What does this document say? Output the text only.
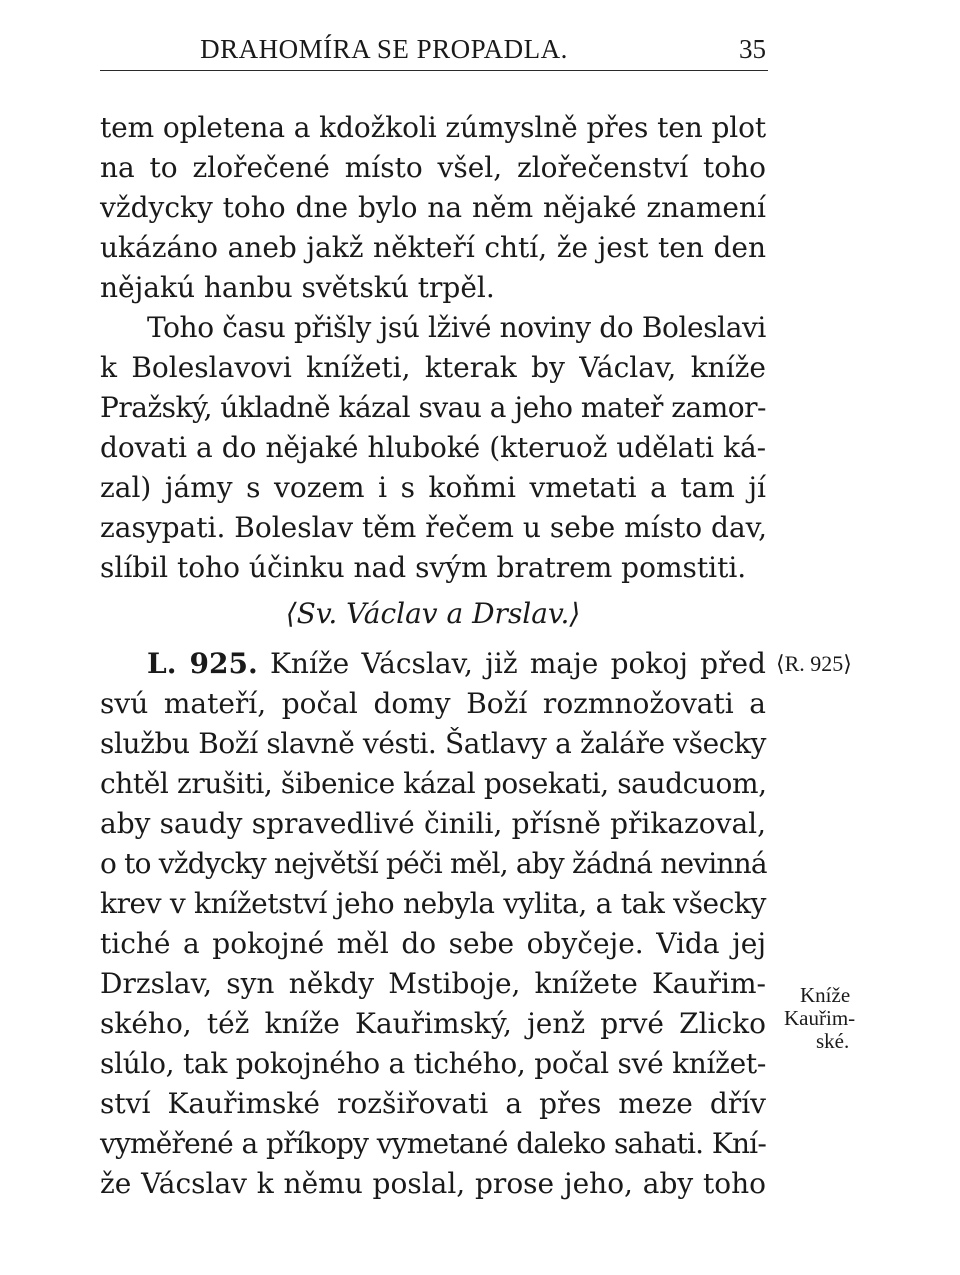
DRAHOMÍRA SE PROPADLA.	35
tem opletena a kdožkoli zúmyslně přes ten plot
na to zlořečené místo všel, zlořečenství toho
vždycky toho dne bylo na něm nějaké znamení
ukázáno aneb jakž někteří chtí, že jest ten den
nějakú hanbu světskú trpěl.
Toho času přišly jsú lživé noviny do Boleslavi
k Boleslavovi knížeti, kterak by Václav, kníže
Pražský, úkladně kázal svau a jeho mateř zamor-
dovati a do nějaké hluboké (kteruož udělati ká-
zal) jámy s vozem i s koňmi vmetati a tam jí
zasypati. Boleslav těm řečem u sebe místo dav,
slíbil toho účinku nad svým bratrem pomstiti.
⟨Sv. Václav a Drslav.⟩
L. 925. Kníže Vácslav, již maje pokoj před
svú mateří, počal domy Boží rozmnožovati a
službu Boží slavně vésti. Šatlavy a žaláře všecky
chtěl zrušiti, šibenice kázal posekati, saudcuom,
aby saudy spravedlivé činili, přísně přikazoval,
o to vždycky největší péči měl, aby žádná nevinná
krev v knížetství jeho nebyla vylita, a tak všecky
tiché a pokojné měl do sebe obyčeje. Vida jej
Drzslav, syn někdy Mstiboje, knížete Kauřim-
ského, též kníže Kauřimský, jenž prvé Zlicko
slúlo, tak pokojného a tichého, počal své knížet-
ství Kauřimské rozšiřovati a přes meze dřív
vyměřené a příkopy vymetané daleko sahati. Kní-
že Vácslav k němu poslal, prose jeho, aby toho
⟨R. 925⟩
Kníže
Kauřim-
ské.
